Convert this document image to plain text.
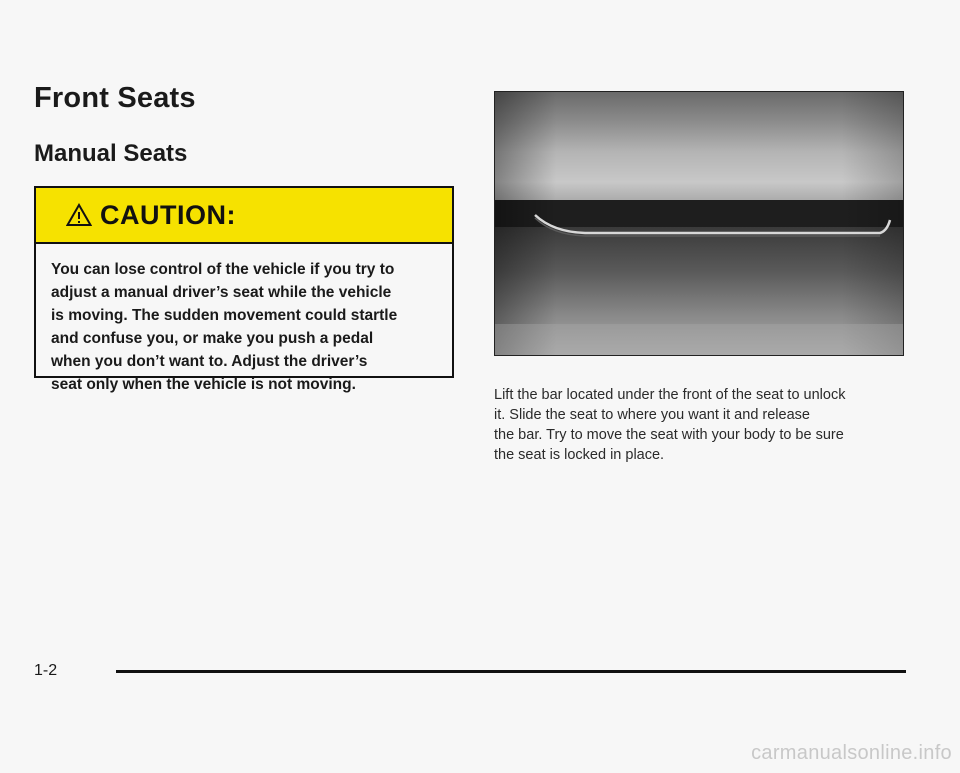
Front Seats
Manual Seats
CAUTION:
You can lose control of the vehicle if you try to
adjust a manual driver’s seat while the vehicle
is moving. The sudden movement could startle
and confuse you, or make you push a pedal
when you don’t want to. Adjust the driver’s
seat only when the vehicle is not moving.

Lift the bar located under the front of the seat to unlock

it. Slide the seat to where you want it and release

the bar. Try to move the seat with your body to be sure

the seat is locked in place.

1-2
carmanualsonline.info
